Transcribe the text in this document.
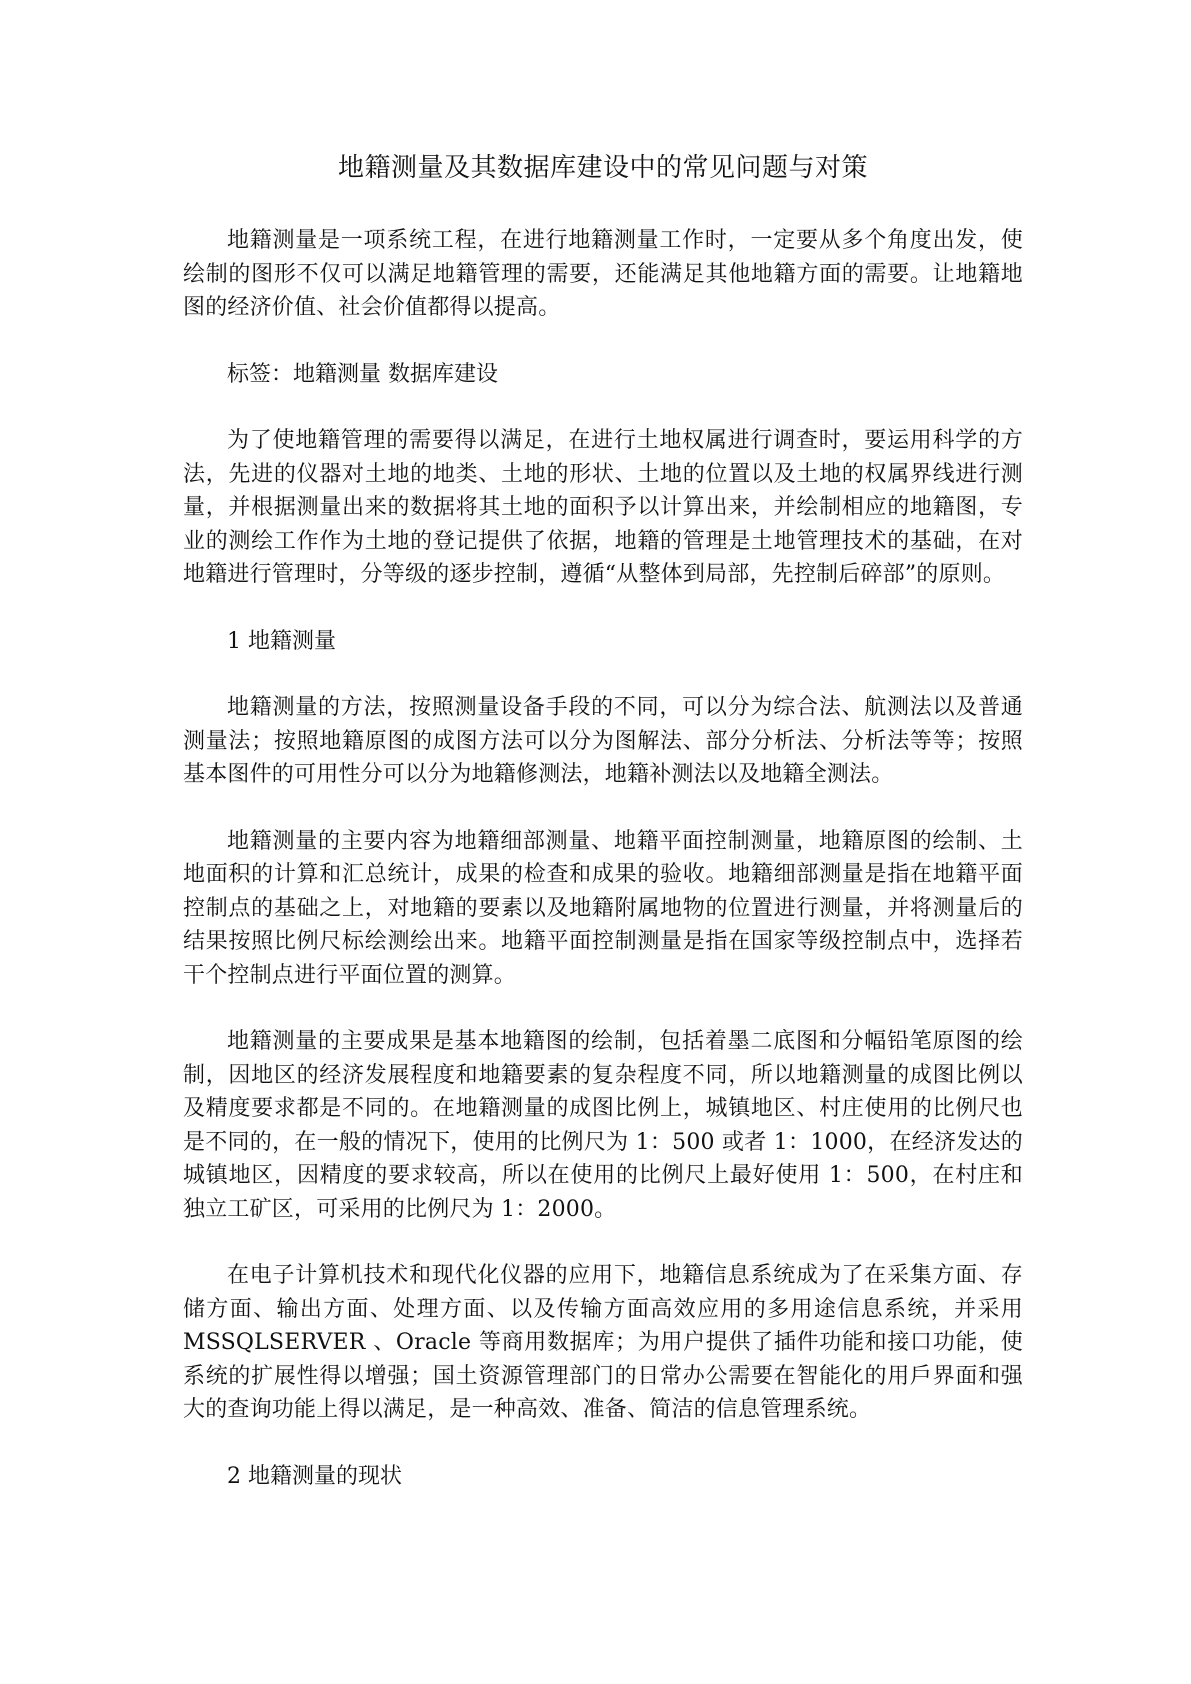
地籍测量及其数据库建设中的常见问题与对策

地籍测量是一项系统工程，在进行地籍测量工作时，一定要从多个角度出发，使绘制的图形不仅可以满足地籍管理的需要，还能满足其他地籍方面的需要。让地籍地图的经济价值、社会价值都得以提高。

标签：地籍测量 数据库建设

为了使地籍管理的需要得以满足，在进行土地权属进行调查时，要运用科学的方法，先进的仪器对土地的地类、土地的形状、土地的位置以及土地的权属界线进行测量，并根据测量出来的数据将其土地的面积予以计算出来，并绘制相应的地籍图，专业的测绘工作作为土地的登记提供了依据，地籍的管理是土地管理技术的基础，在对地籍进行管理时，分等级的逐步控制，遵循“从整体到局部，先控制后碎部”的原则。

1 地籍测量

地籍测量的方法，按照测量设备手段的不同，可以分为综合法、航测法以及普通测量法；按照地籍原图的成图方法可以分为图解法、部分分析法、分析法等等；按照基本图件的可用性分可以分为地籍修测法，地籍补测法以及地籍全测法。

地籍测量的主要内容为地籍细部测量、地籍平面控制测量，地籍原图的绘制、土地面积的计算和汇总统计，成果的检查和成果的验收。地籍细部测量是指在地籍平面控制点的基础之上，对地籍的要素以及地籍附属地物的位置进行测量，并将测量后的结果按照比例尺标绘测绘出来。地籍平面控制测量是指在国家等级控制点中，选择若干个控制点进行平面位置的测算。

地籍测量的主要成果是基本地籍图的绘制，包括着墨二底图和分幅铅笔原图的绘制，因地区的经济发展程度和地籍要素的复杂程度不同，所以地籍测量的成图比例以及精度要求都是不同的。在地籍测量的成图比例上，城镇地区、村庄使用的比例尺也是不同的，在一般的情况下，使用的比例尺为 1：500 或者 1：1000，在经济发达的城镇地区，因精度的要求较高，所以在使用的比例尺上最好使用 1：500，在村庄和独立工矿区，可采用的比例尺为 1：2000。

在电子计算机技术和现代化仪器的应用下，地籍信息系统成为了在采集方面、存储方面、输出方面、处理方面、以及传输方面高效应用的多用途信息系统，并采用 MSSQLSERVER 、Oracle 等商用数据库；为用户提供了插件功能和接口功能，使系统的扩展性得以增强；国土资源管理部门的日常办公需要在智能化的用戶界面和强大的查询功能上得以满足，是一种高效、准备、简洁的信息管理系统。

2 地籍测量的现状
